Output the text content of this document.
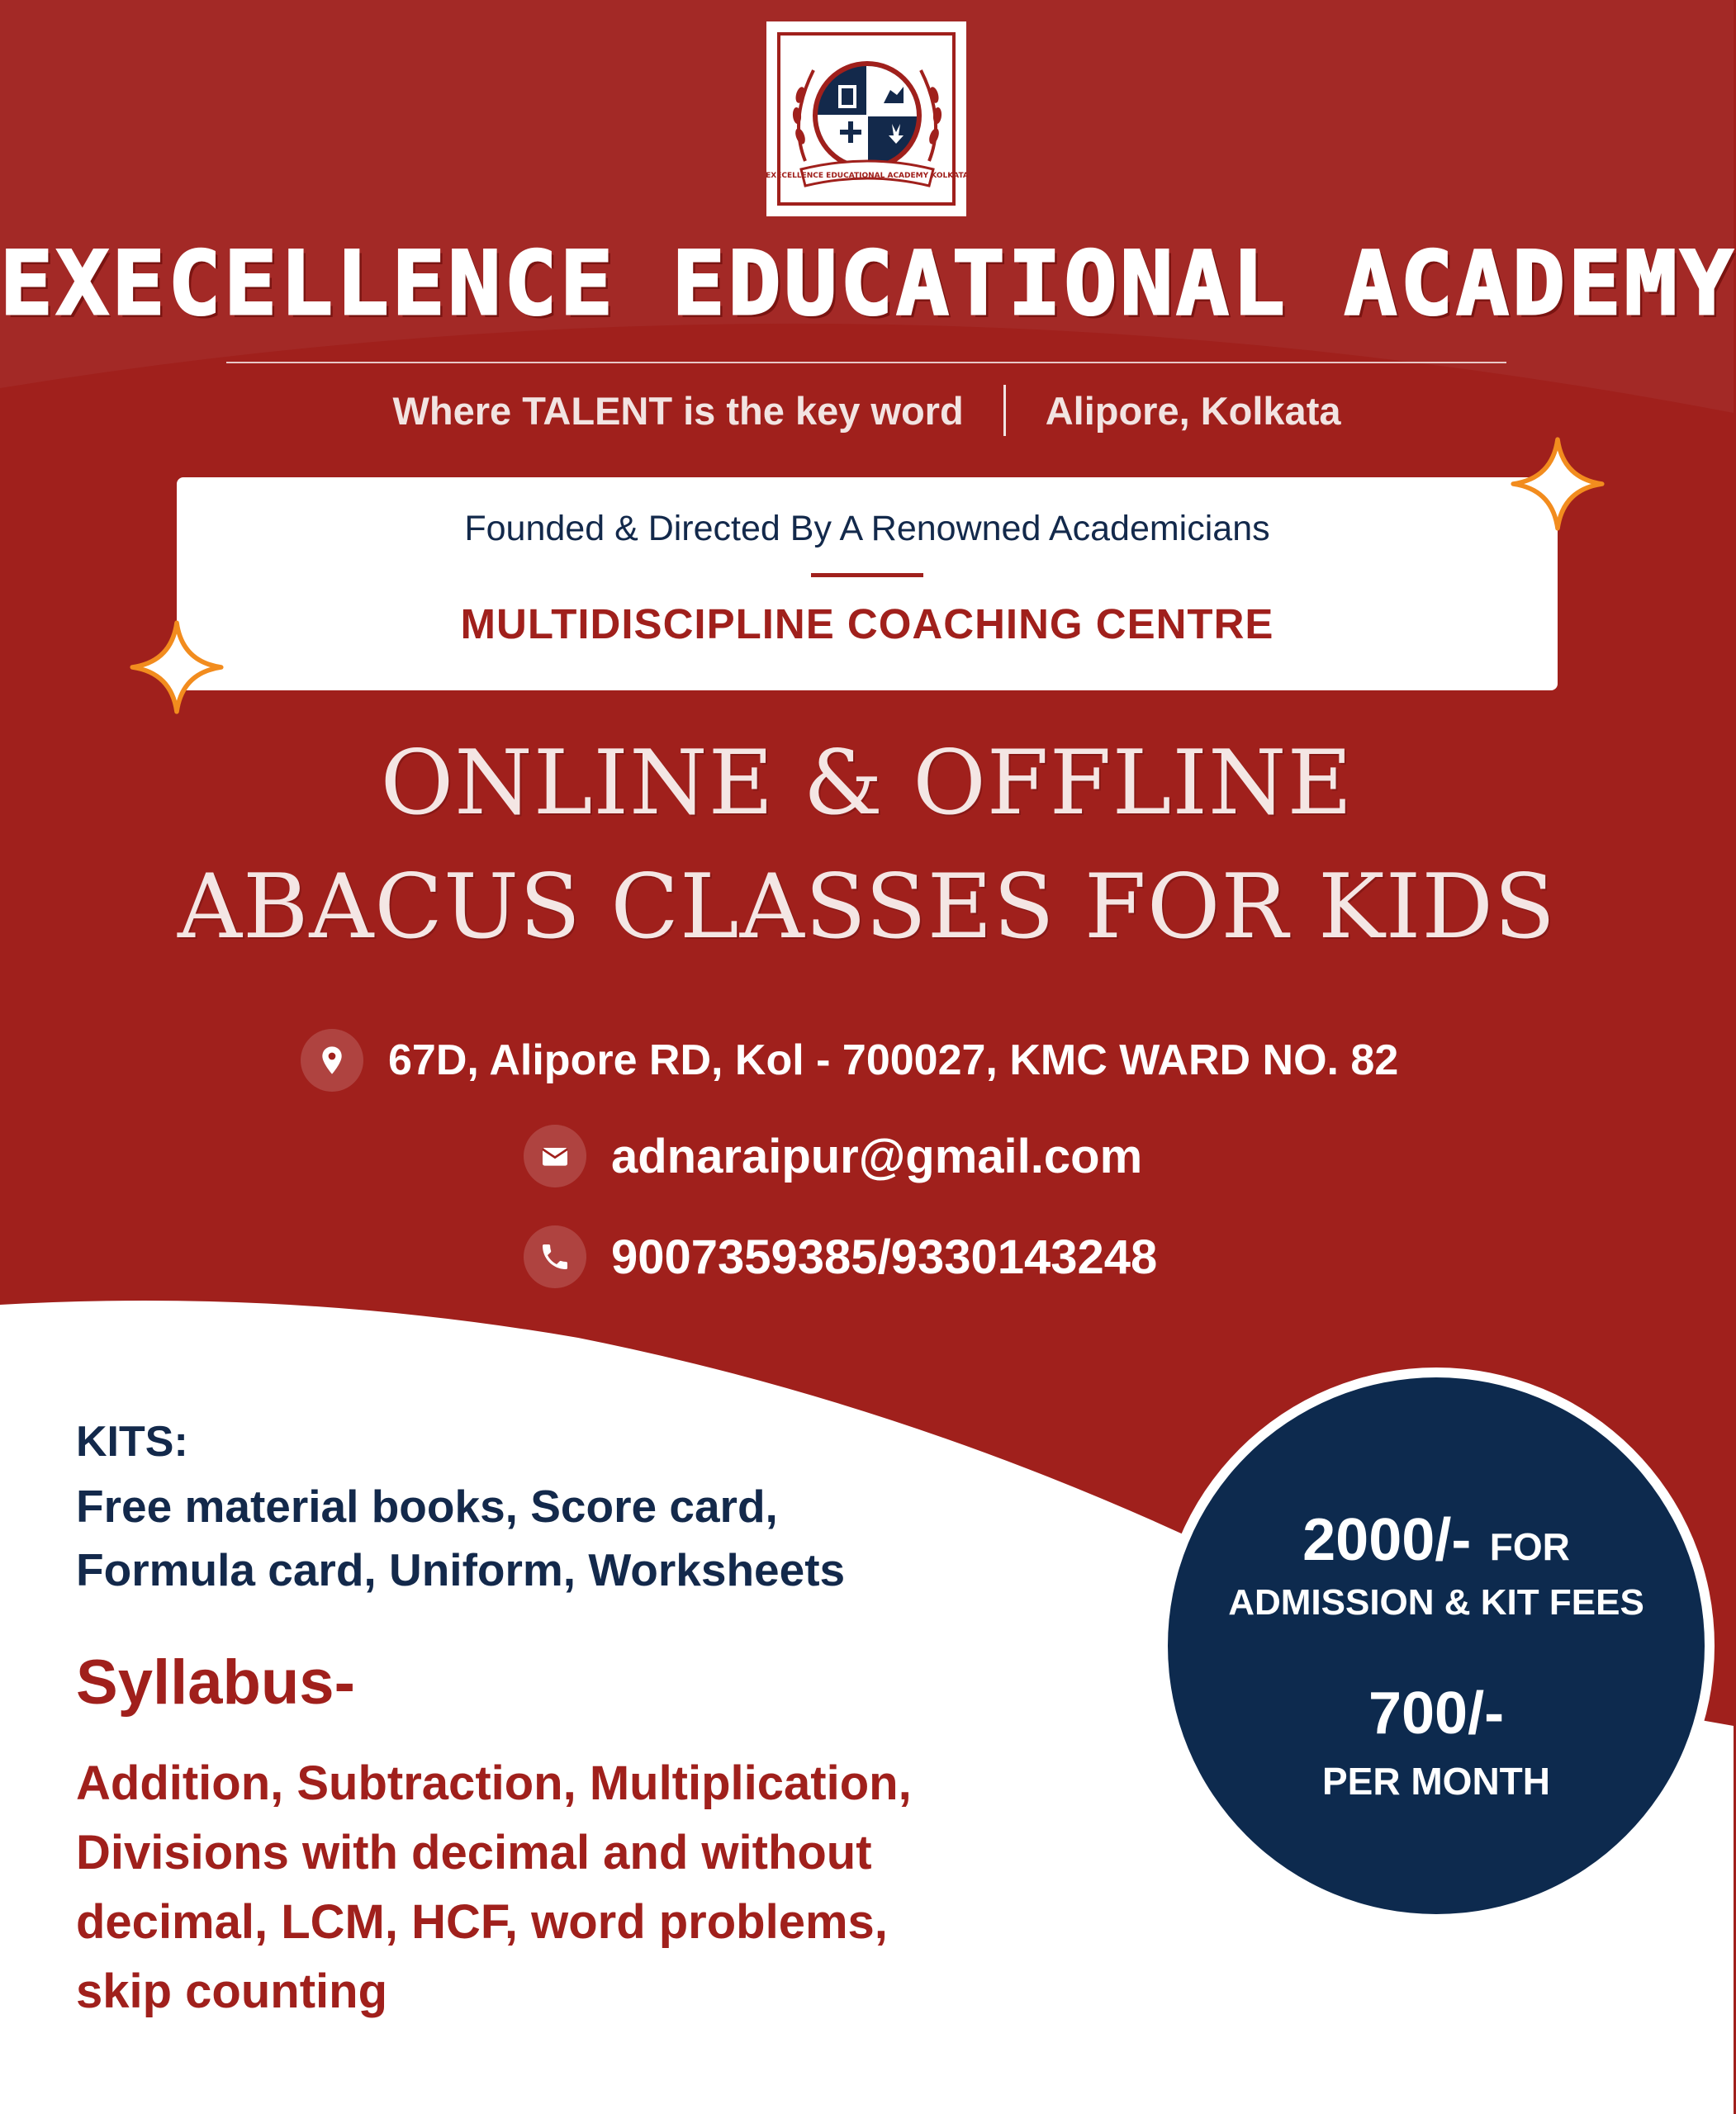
EXECELLENCE EDUCATIONAL ACADEMY KOLKATA
EXECELLENCE EDUCATIONAL ACADEMY
Where TALENT is the key word Alipore, Kolkata
Founded & Directed By A Renowned Academicians
MULTIDISCIPLINE COACHING CENTRE
ONLINE & OFFLINE
ABACUS CLASSES FOR KIDS
67D, Alipore RD, Kol - 700027, KMC WARD NO. 82
adnaraipur@gmail.com
9007359385/9330143248
KITS:
Free material books, Score card,
Formula card, Uniform, Worksheets
Syllabus-
Addition, Subtraction, Multiplication,
Divisions with decimal and without
decimal, LCM, HCF, word problems,
skip counting
2000/- FOR
ADMISSION & KIT FEES
700/-
PER MONTH
